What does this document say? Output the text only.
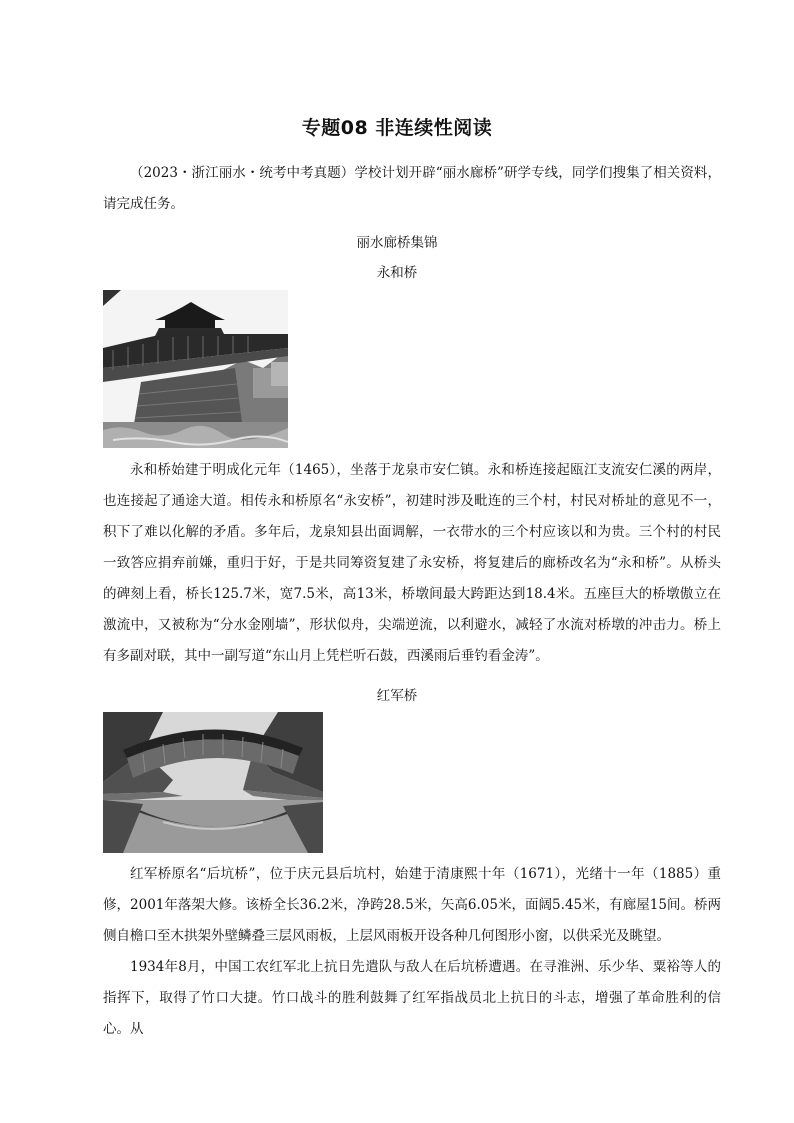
专题08 非连续性阅读

（2023・浙江丽水・统考中考真题）学校计划开辟“丽水廊桥”研学专线，同学们搜集了相关资料，请完成任务。

丽水廊桥集锦
永和桥

永和桥始建于明成化元年（1465），坐落于龙泉市安仁镇。永和桥连接起瓯江支流安仁溪的两岸，也连接起了通途大道。相传永和桥原名“永安桥”，初建时涉及毗连的三个村，村民对桥址的意见不一，积下了难以化解的矛盾。多年后，龙泉知县出面调解，一衣带水的三个村应该以和为贵。三个村的村民一致答应捐弃前嫌，重归于好，于是共同筹资复建了永安桥，将复建后的廊桥改名为“永和桥”。从桥头的碑刻上看，桥长125.7米，宽7.5米，高13米，桥墩间最大跨距达到18.4米。五座巨大的桥墩傲立在激流中，又被称为“分水金刚墙”，形状似舟，尖端逆流，以利避水，减轻了水流对桥墩的冲击力。桥上有多副对联，其中一副写道“东山月上凭栏听石鼓，西溪雨后垂钓看金涛”。

红军桥

红军桥原名“后坑桥”，位于庆元县后坑村，始建于清康熙十年（1671），光绪十一年（1885）重修，2001年落架大修。该桥全长36.2米，净跨28.5米，矢高6.05米，面阔5.45米，有廊屋15间。桥两侧自檐口至木拱架外壁鳞叠三层风雨板，上层风雨板开设各种几何图形小窗，以供采光及眺望。

1934年8月，中国工农红军北上抗日先遣队与敌人在后坑桥遭遇。在寻淮洲、乐少华、粟裕等人的指挥下，取得了竹口大捷。竹口战斗的胜利鼓舞了红军指战员北上抗日的斗志，增强了革命胜利的信心。从
